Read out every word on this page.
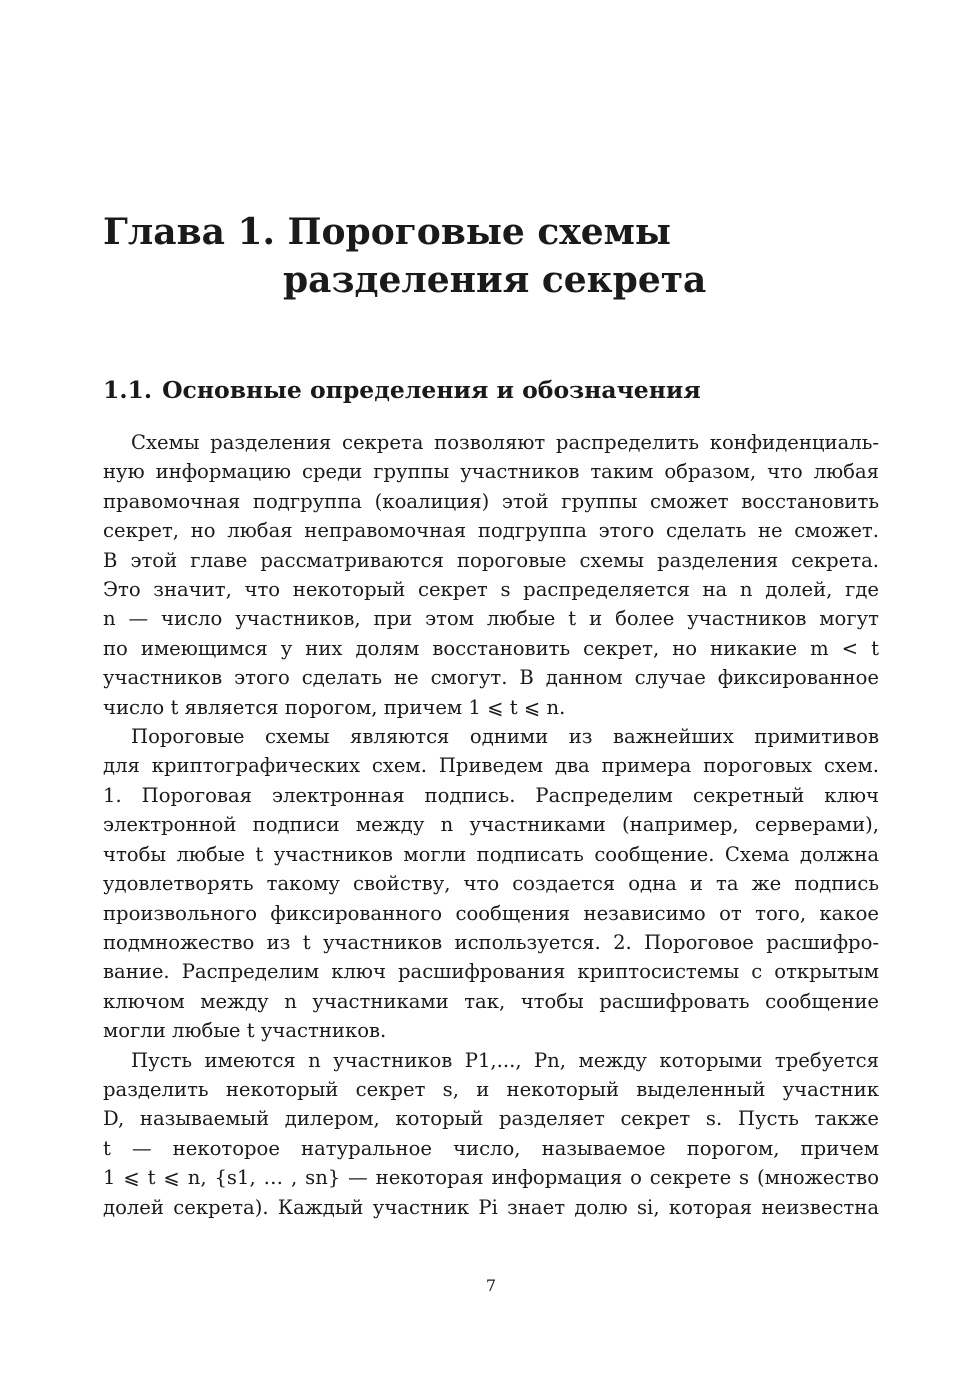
Глава 1. Пороговые схемы
разделения секрета
1.1. Основные определения и обозначения
Схемы разделения секрета позволяют распределить конфиденциаль-
ную информацию среди группы участников таким образом, что любая
правомочная подгруппа (коалиция) этой группы сможет восстановить
секрет, но любая неправомочная подгруппа этого сделать не сможет.
В этой главе рассматриваются пороговые схемы разделения секрета.
Это значит, что некоторый секрет s распределяется на n долей, где
n — число участников, при этом любые t и более участников могут
по имеющимся у них долям восстановить секрет, но никакие m < t
участников этого сделать не смогут. В данном случае фиксированное
число t является порогом, причем 1 ⩽ t ⩽ n.
Пороговые схемы являются одними из важнейших примитивов
для криптографических схем. Приведем два примера пороговых схем.
1. Пороговая электронная подпись. Распределим секретный ключ
электронной подписи между n участниками (например, серверами),
чтобы любые t участников могли подписать сообщение. Схема должна
удовлетворять такому свойству, что создается одна и та же подпись
произвольного фиксированного сообщения независимо от того, какое
подмножество из t участников используется. 2. Пороговое расшифро-
вание. Распределим ключ расшифрования криптосистемы с открытым
ключом между n участниками так, чтобы расшифровать сообщение
могли любые t участников.
Пусть имеются n участников P1,..., Pn, между которыми требуется
разделить некоторый секрет s, и некоторый выделенный участник
D, называемый дилером, который разделяет секрет s. Пусть также
t — некоторое натуральное число, называемое порогом, причем
1 ⩽ t ⩽ n, {s1, … , sn} — некоторая информация о секрете s (множество
долей секрета). Каждый участник Pi знает долю si, которая неизвестна

7
